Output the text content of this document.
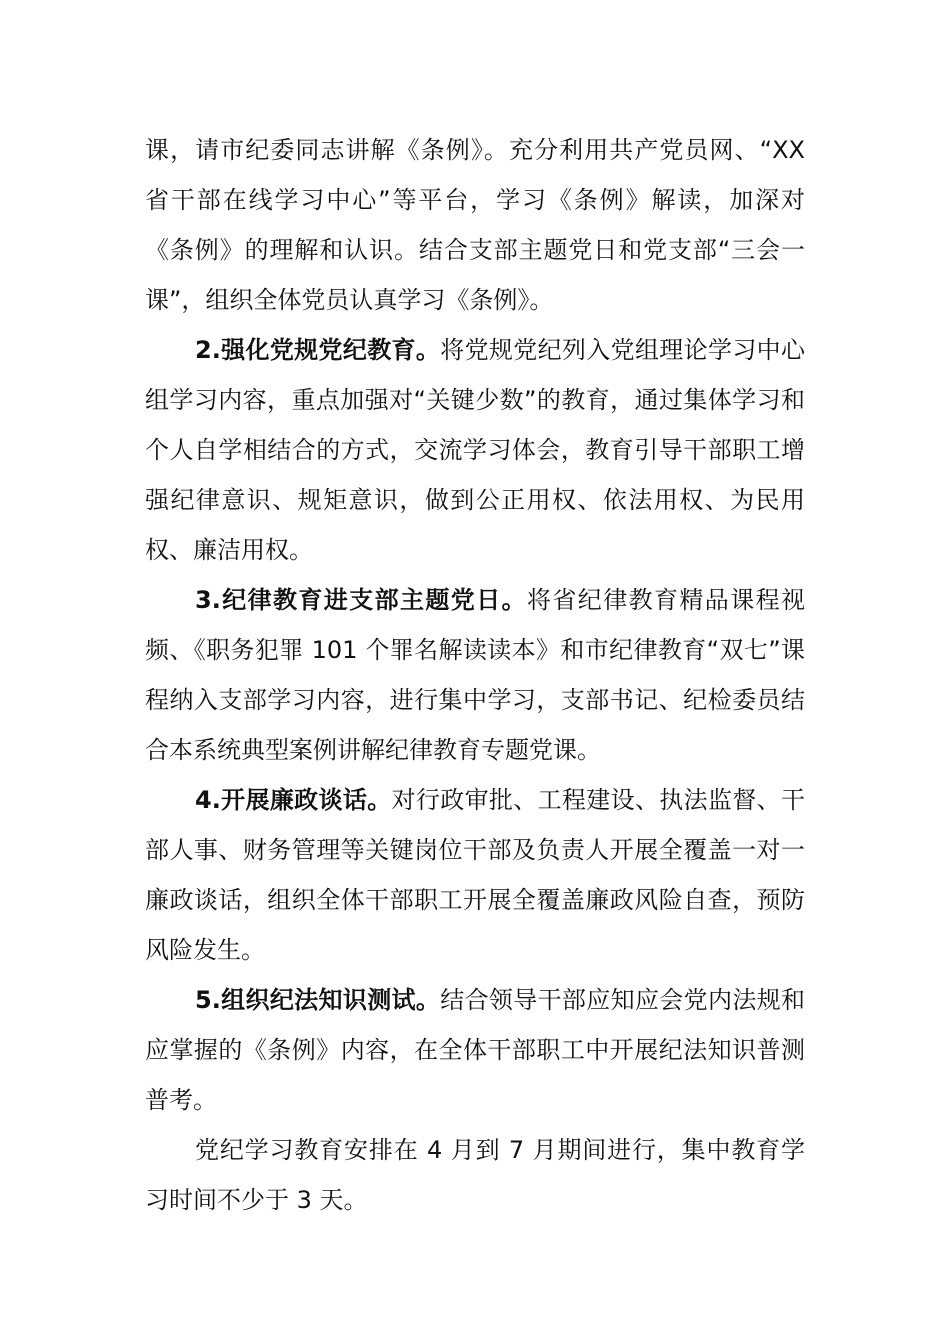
课，请市纪委同志讲解《条例》。充分利用共产党员网、“XX 省干部在线学习中心”等平台，学习《条例》解读，加深对《条例》的理解和认识。结合支部主题党日和党支部“三会一课”，组织全体党员认真学习《条例》。

2.强化党规党纪教育。将党规党纪列入党组理论学习中心组学习内容，重点加强对“关键少数”的教育，通过集体学习和个人自学相结合的方式，交流学习体会，教育引导干部职工增强纪律意识、规矩意识，做到公正用权、依法用权、为民用权、廉洁用权。

3.纪律教育进支部主题党日。将省纪律教育精品课程视频、《职务犯罪 101 个罪名解读读本》和市纪律教育“双七”课程纳入支部学习内容，进行集中学习，支部书记、纪检委员结合本系统典型案例讲解纪律教育专题党课。

4.开展廉政谈话。对行政审批、工程建设、执法监督、干部人事、财务管理等关键岗位干部及负责人开展全覆盖一对一廉政谈话，组织全体干部职工开展全覆盖廉政风险自查，预防风险发生。

5.组织纪法知识测试。结合领导干部应知应会党内法规和应掌握的《条例》内容，在全体干部职工中开展纪法知识普测普考。

党纪学习教育安排在 4 月到 7 月期间进行，集中教育学习时间不少于 3 天。
